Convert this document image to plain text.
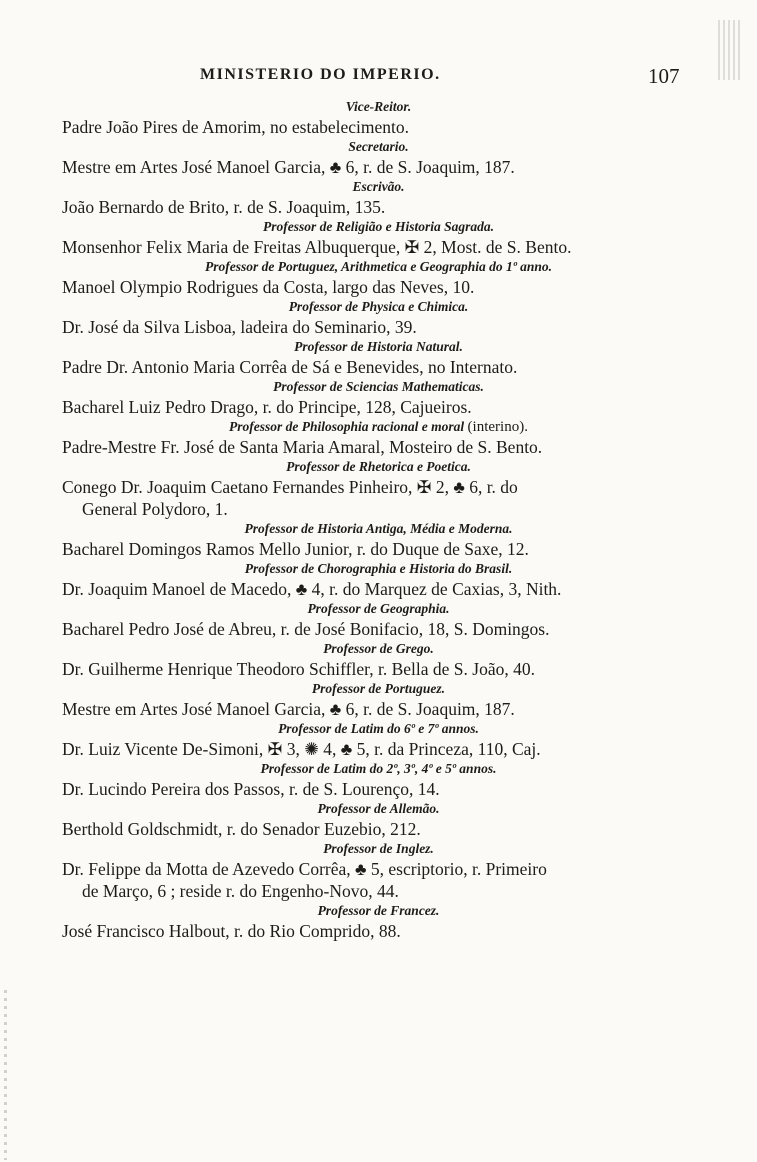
MINISTERIO DO IMPERIO.	107
Vice-Reitor.
Padre João Pires de Amorim, no estabelecimento.
Secretario.
Mestre em Artes José Manoel Garcia, ♣ 6, r. de S. Joaquim, 187.
Escrivão.
João Bernardo de Brito, r. de S. Joaquim, 135.
Professor de Religião e Historia Sagrada.
Monsenhor Felix Maria de Freitas Albuquerque, ✠ 2, Most. de S. Bento.
Professor de Portuguez, Arithmetica e Geographia do 1º anno.
Manoel Olympio Rodrigues da Costa, largo das Neves, 10.
Professor de Physica e Chimica.
Dr. José da Silva Lisboa, ladeira do Seminario, 39.
Professor de Historia Natural.
Padre Dr. Antonio Maria Corrêa de Sá e Benevides, no Internato.
Professor de Sciencias Mathematicas.
Bacharel Luiz Pedro Drago, r. do Principe, 128, Cajueiros.
Professor de Philosophia racional e moral (interino).
Padre-Mestre Fr. José de Santa Maria Amaral, Mosteiro de S. Bento.
Professor de Rhetorica e Poetica.
Conego Dr. Joaquim Caetano Fernandes Pinheiro, ✠ 2, ♣ 6, r. do
General Polydoro, 1.
Professor de Historia Antiga, Média e Moderna.
Bacharel Domingos Ramos Mello Junior, r. do Duque de Saxe, 12.
Professor de Chorographia e Historia do Brasil.
Dr. Joaquim Manoel de Macedo, ♣ 4, r. do Marquez de Caxias, 3, Nith.
Professor de Geographia.
Bacharel Pedro José de Abreu, r. de José Bonifacio, 18, S. Domingos.
Professor de Grego.
Dr. Guilherme Henrique Theodoro Schiffler, r. Bella de S. João, 40.
Professor de Portuguez.
Mestre em Artes José Manoel Garcia, ♣ 6, r. de S. Joaquim, 187.
Professor de Latim do 6º e 7º annos.
Dr. Luiz Vicente De-Simoni, ✠ 3, ✺ 4, ♣ 5, r. da Princeza, 110, Caj.
Professor de Latim do 2º, 3º, 4º e 5º annos.
Dr. Lucindo Pereira dos Passos, r. de S. Lourenço, 14.
Professor de Allemão.
Berthold Goldschmidt, r. do Senador Euzebio, 212.
Professor de Inglez.
Dr. Felippe da Motta de Azevedo Corrêa, ♣ 5, escriptorio, r. Primeiro
de Março, 6 ; reside r. do Engenho-Novo, 44.
Professor de Francez.
José Francisco Halbout, r. do Rio Comprido, 88.
